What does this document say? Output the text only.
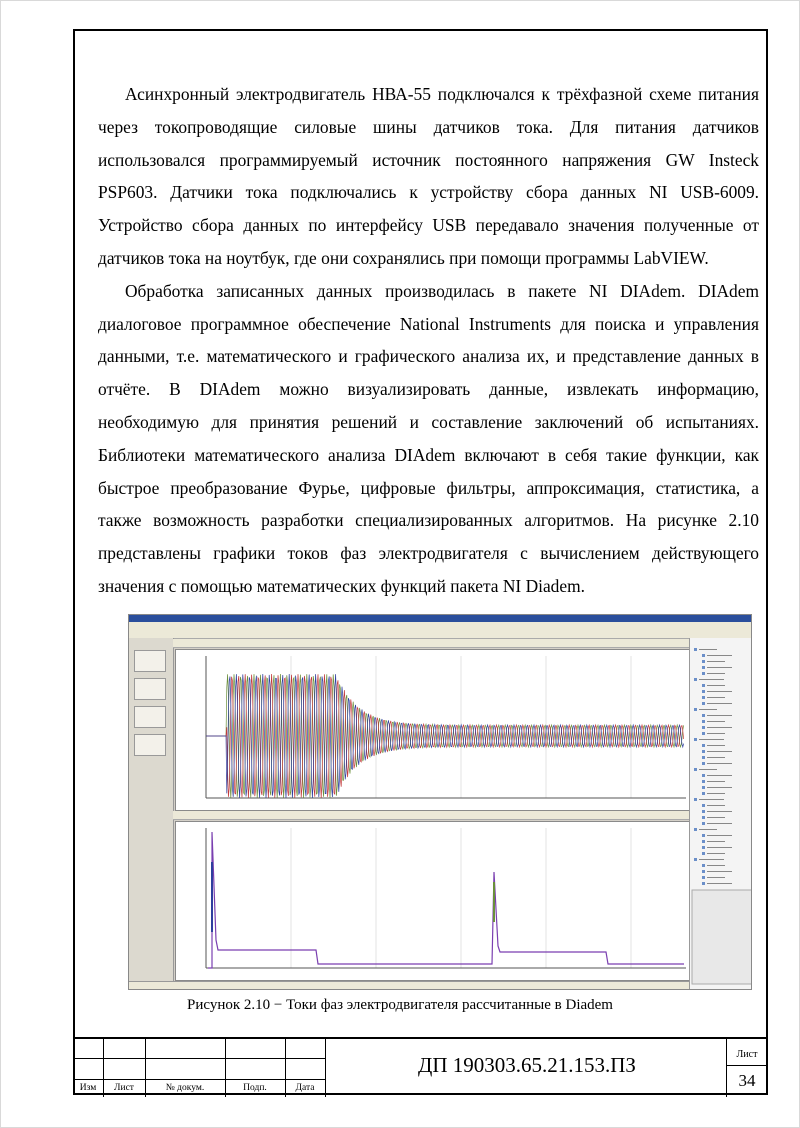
Асинхронный электродвигатель НВА-55 подключался к трёхфазной схеме питания через токопроводящие силовые шины датчиков тока. Для питания датчиков использовался программируемый источник постоянного напряжения GW Insteck PSP603. Датчики тока подключались к устройству сбора данных NI USB-6009. Устройство сбора данных по интерфейсу USB передавало значения полученные от датчиков тока на ноутбук, где они сохранялись при помощи программы LabVIEW.

Обработка записанных данных производилась в пакете NI DIAdem. DIAdem диалоговое программное обеспечение National Instruments для поиска и управления данными, т.е. математического и графического анализа их, и представление данных в отчёте. В DIAdem можно визуализировать данные, извлекать информацию, необходимую для принятия решений и составление заключений об испытаниях. Библиотеки математического анализа DIAdem включают в себя такие функции, как быстрое преобразование Фурье, цифровые фильтры, аппроксимация, статистика, а также возможность разработки специализированных алгоритмов. На рисунке 2.10 представлены графики токов фаз электродвигателя с вычислением действующего значения с помощью математических функций пакета NI Diadem.

Рисунок 2.10 − Токи фаз электродвигателя рассчитанные в Diadem
Изм	Лист	№ докум.	Подп.	Дата
ДП 190303.65.21.153.ПЗ	Лист
34
